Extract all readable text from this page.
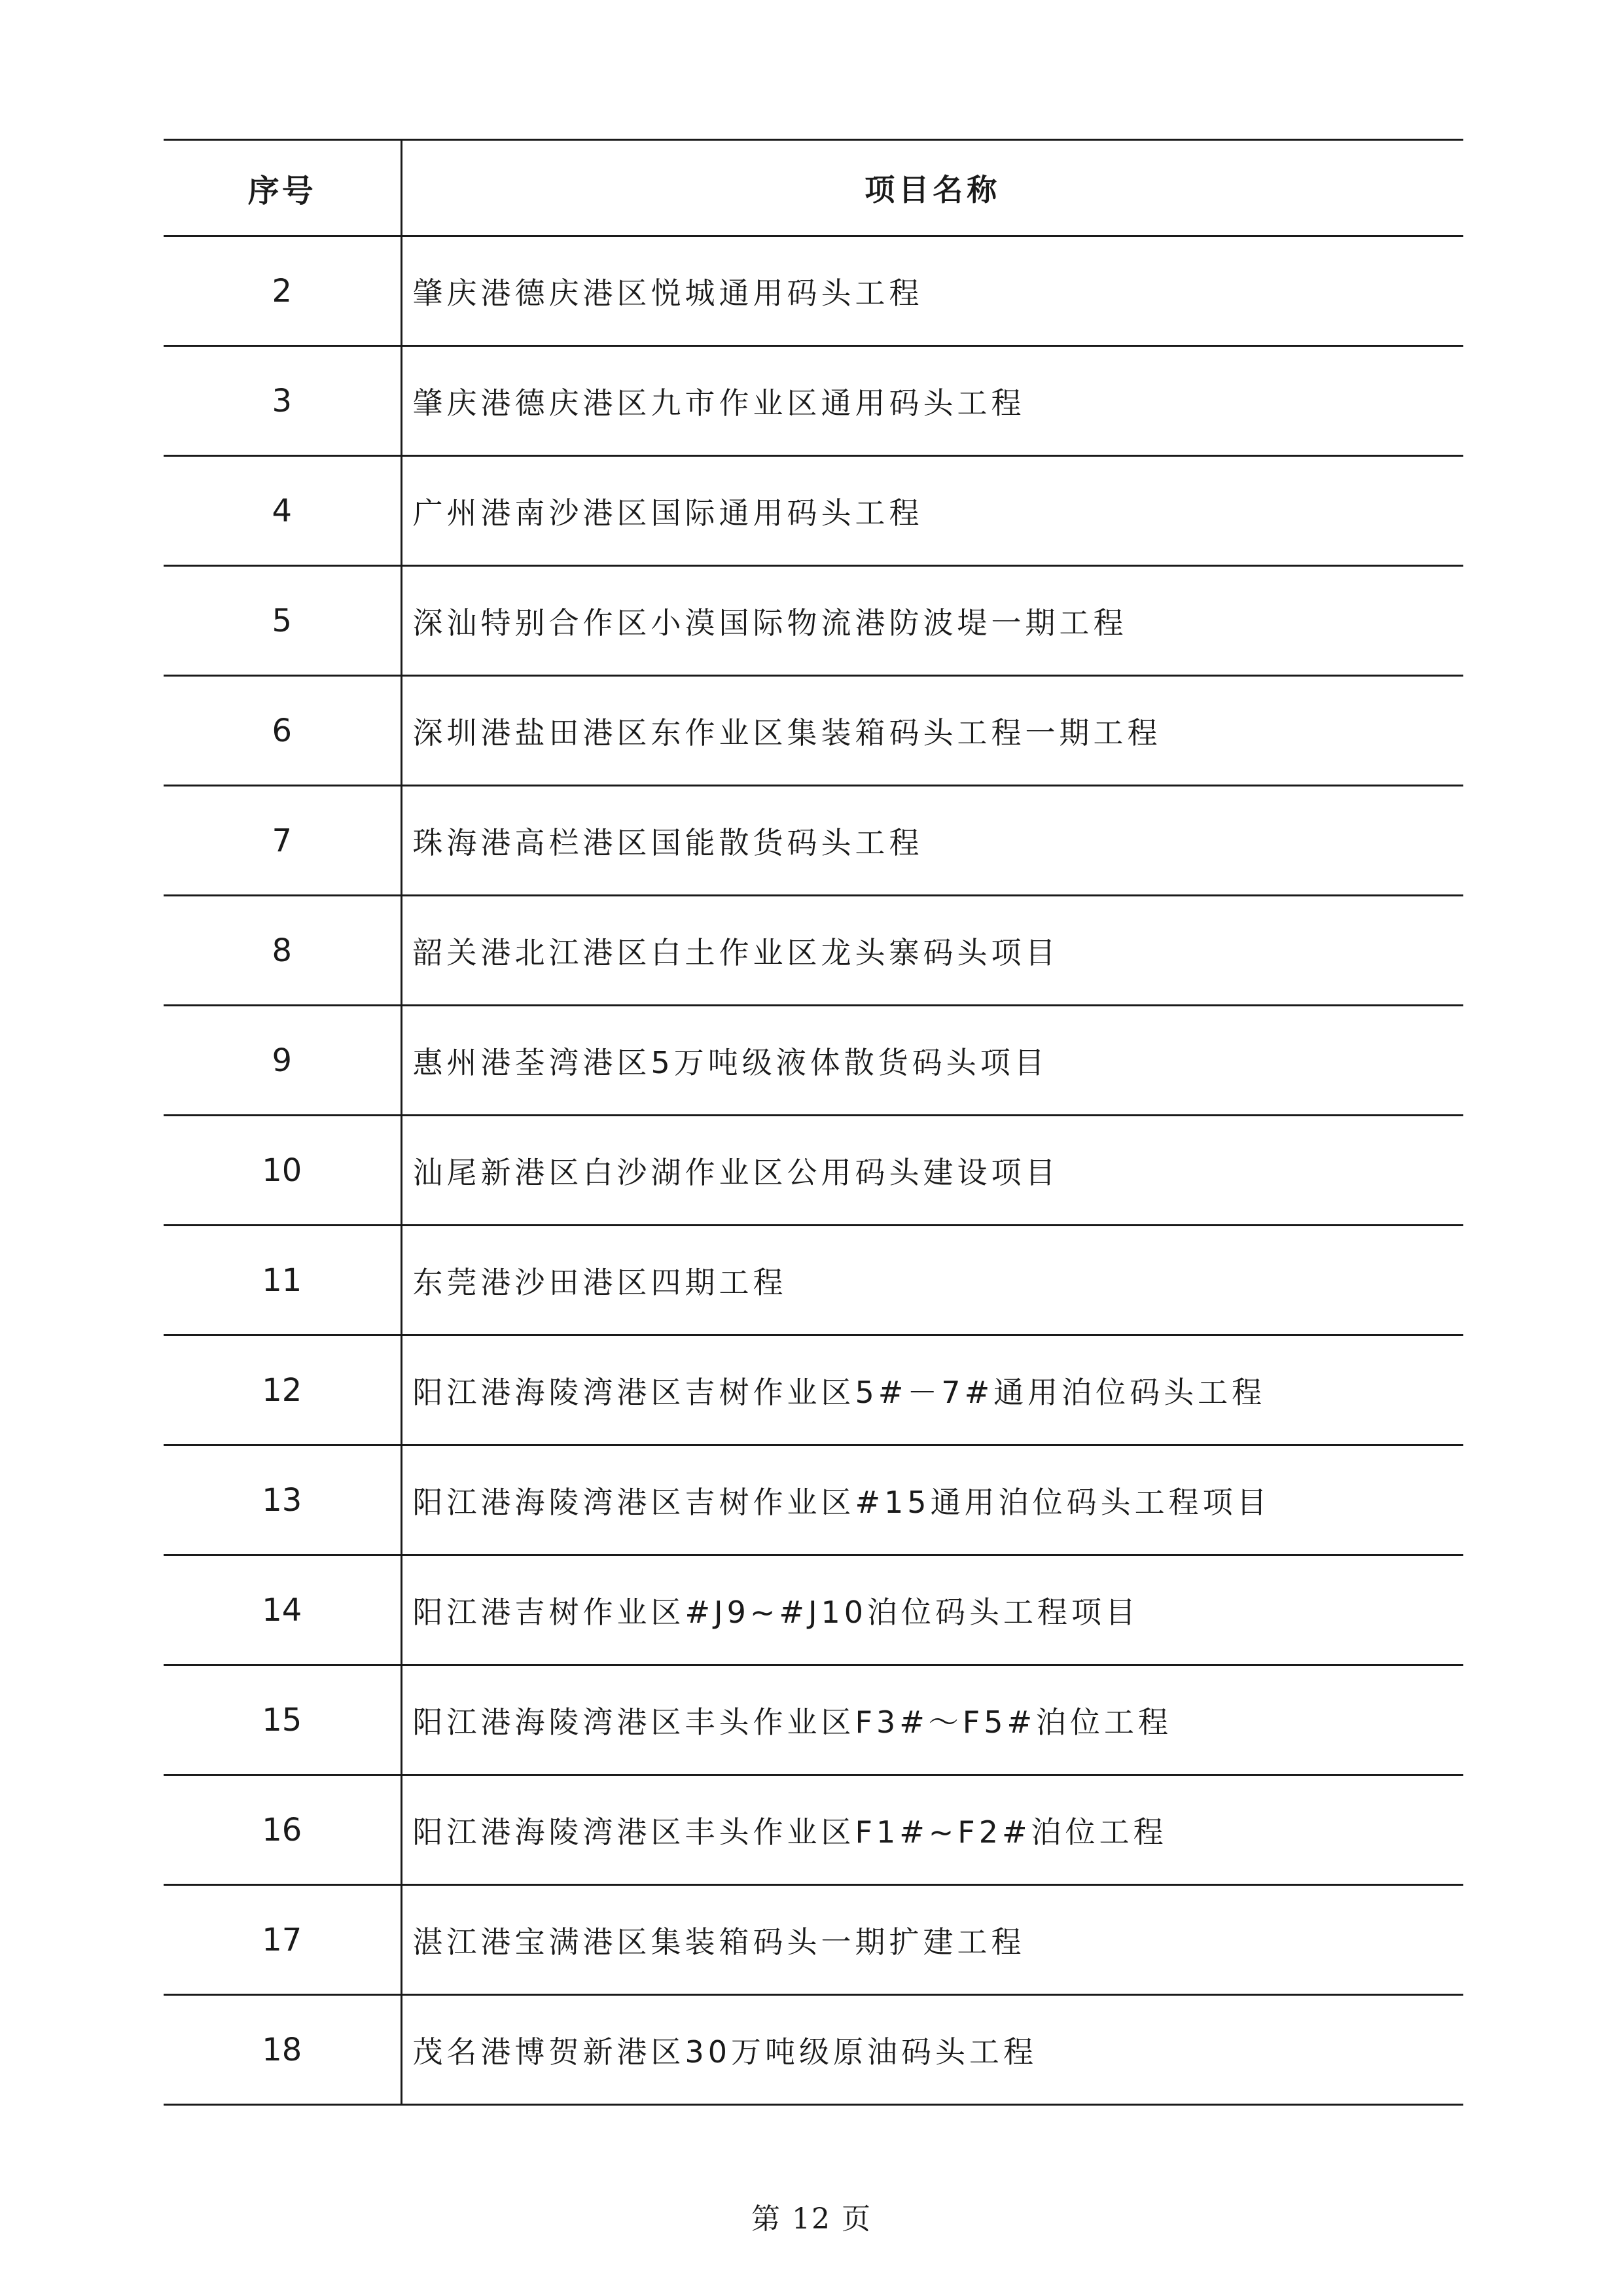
序号	项目名称
2	肇庆港德庆港区悦城通用码头工程
3	肇庆港德庆港区九市作业区通用码头工程
4	广州港南沙港区国际通用码头工程
5	深汕特别合作区小漠国际物流港防波堤一期工程
6	深圳港盐田港区东作业区集装箱码头工程一期工程
7	珠海港高栏港区国能散货码头工程
8	韶关港北江港区白土作业区龙头寨码头项目
9	惠州港荃湾港区5万吨级液体散货码头项目
10	汕尾新港区白沙湖作业区公用码头建设项目
11	东莞港沙田港区四期工程
12	阳江港海陵湾港区吉树作业区5#－7#通用泊位码头工程
13	阳江港海陵湾港区吉树作业区#15通用泊位码头工程项目
14	阳江港吉树作业区#J9~#J10泊位码头工程项目
15	阳江港海陵湾港区丰头作业区F3#～F5#泊位工程
16	阳江港海陵湾港区丰头作业区F1#~F2#泊位工程
17	湛江港宝满港区集装箱码头一期扩建工程
18	茂名港博贺新港区30万吨级原油码头工程
第 12 页
